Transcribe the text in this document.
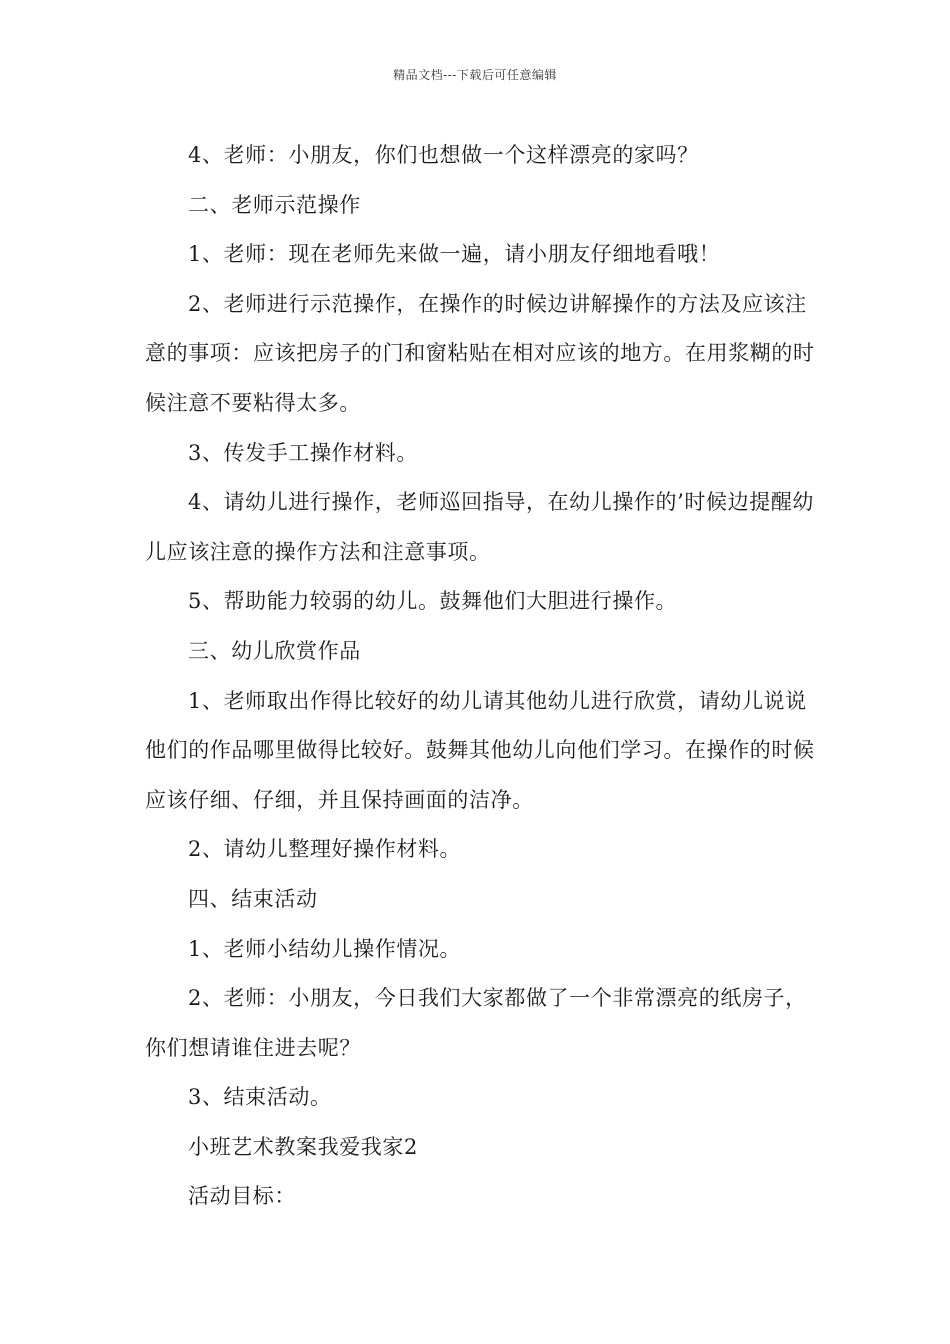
精品文档---下载后可任意编辑

4、老师：小朋友，你们也想做一个这样漂亮的家吗？

二、老师示范操作

1、老师：现在老师先来做一遍，请小朋友仔细地看哦！

2、老师进行示范操作，在操作的时候边讲解操作的方法及应该注意的事项：应该把房子的门和窗粘贴在相对应该的地方。在用浆糊的时候注意不要粘得太多。

3、传发手工操作材料。

4、请幼儿进行操作，老师巡回指导，在幼儿操作的’时候边提醒幼儿应该注意的操作方法和注意事项。

5、帮助能力较弱的幼儿。鼓舞他们大胆进行操作。

三、幼儿欣赏作品

1、老师取出作得比较好的幼儿请其他幼儿进行欣赏，请幼儿说说他们的作品哪里做得比较好。鼓舞其他幼儿向他们学习。在操作的时候应该仔细、仔细，并且保持画面的洁净。

2、请幼儿整理好操作材料。

四、结束活动

1、老师小结幼儿操作情况。

2、老师：小朋友，今日我们大家都做了一个非常漂亮的纸房子，你们想请谁住进去呢？

3、结束活动。

小班艺术教案我爱我家2

活动目标：
